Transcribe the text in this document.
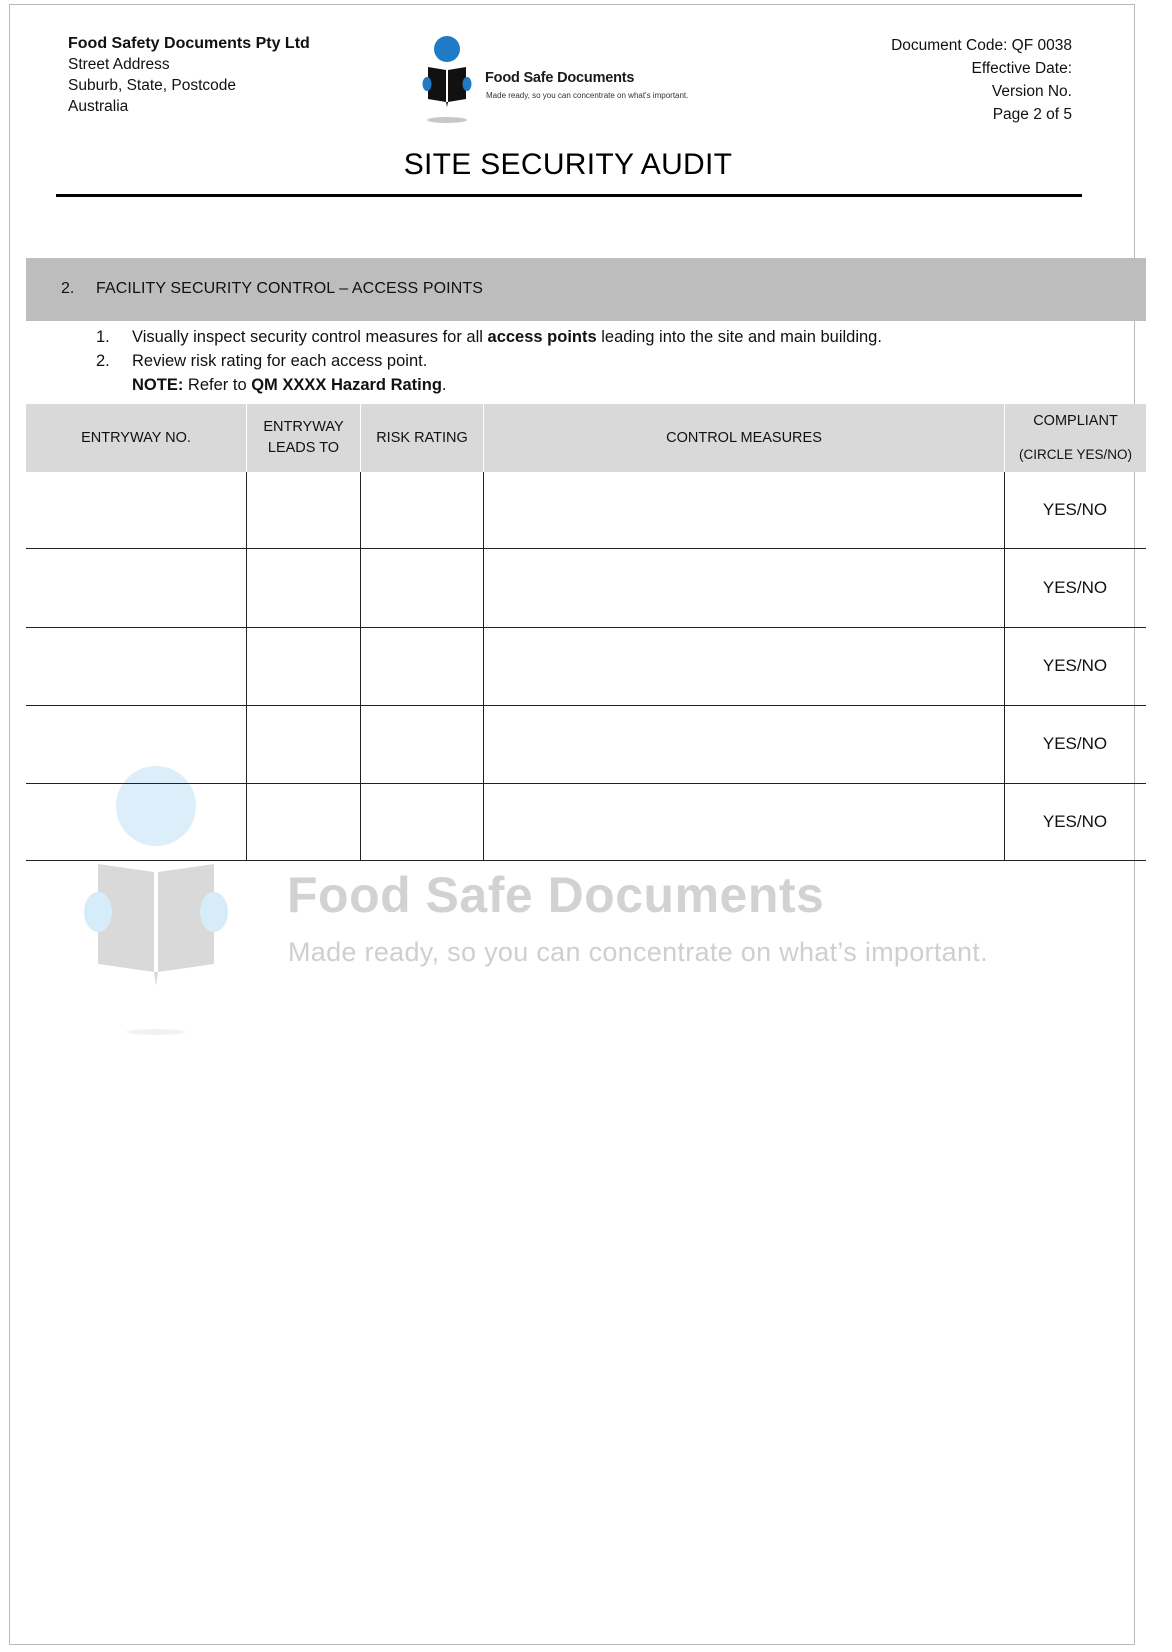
Food Safety Documents Pty Ltd
Street Address
Suburb, State, Postcode
Australia
Food Safe Documents
Made ready, so you can concentrate on what's important.
Document Code: QF 0038
Effective Date:
Version No.
Page 2 of 5
SITE SECURITY AUDIT
2. FACILITY SECURITY CONTROL – ACCESS POINTS
1. Visually inspect security control measures for all access points leading into the site and main building.
2. Review risk rating for each access point.
NOTE: Refer to QM XXXX Hazard Rating.
Food Safe Documents
Made ready, so you can concentrate on what’s important.
ENTRYWAY NO.
ENTRYWAY
LEADS TO
RISK RATING	CONTROL MEASURES
COMPLIANT
(CIRCLE YES/NO)
YES/NO
YES/NO
YES/NO
YES/NO
YES/NO
